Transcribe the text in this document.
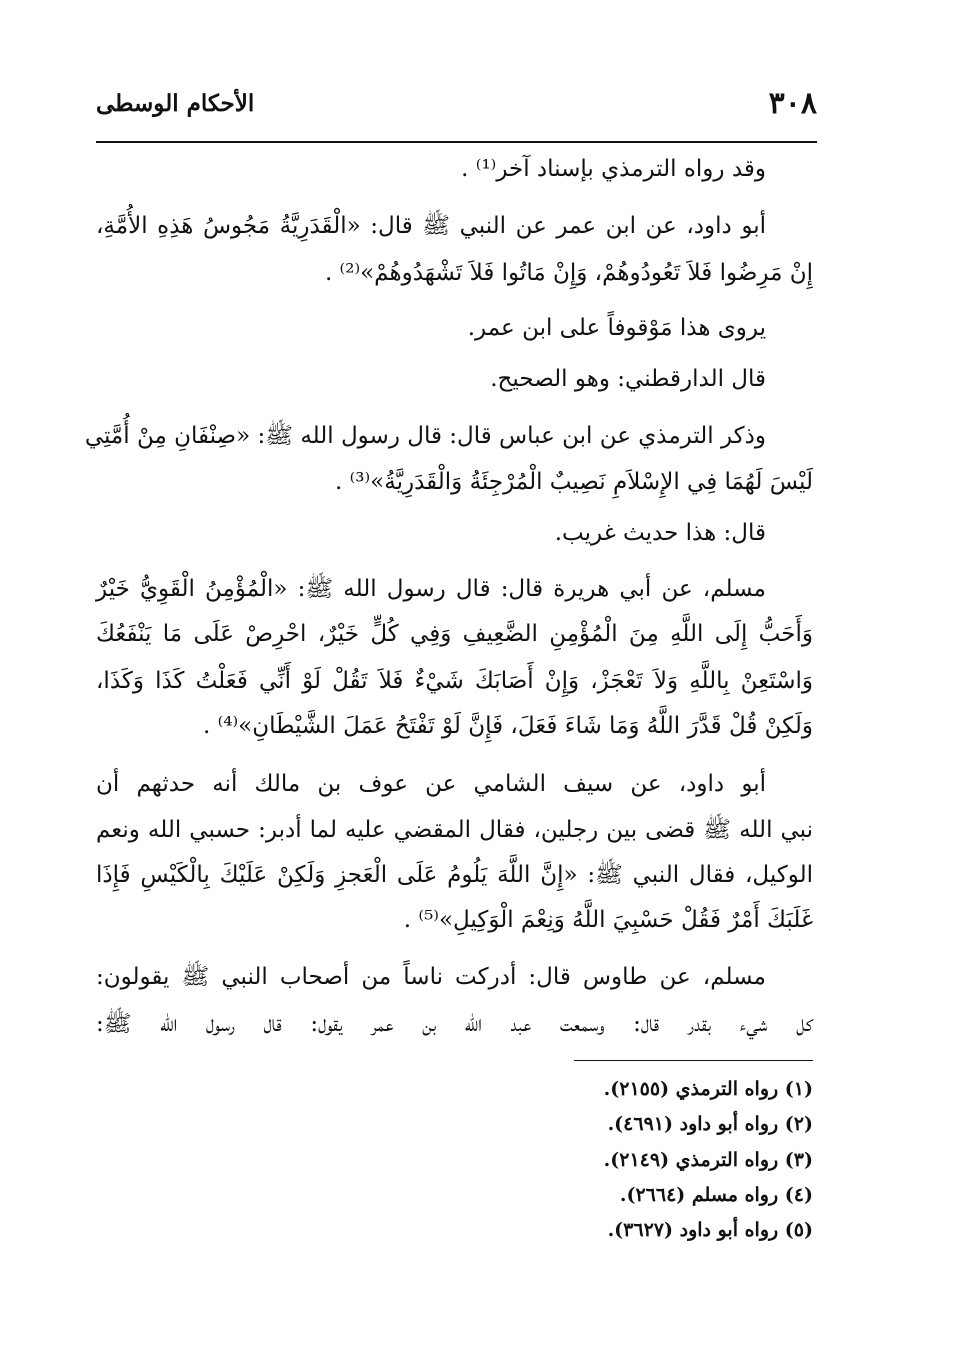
٣٠٨
الأحكام الوسطى
وقد رواه الترمذي بإسناد آخر⁽¹⁾ .
أبو داود، عن ابن عمر عن النبي ﷺ قال: «الْقَدَرِيَّةُ مَجُوسُ هَذِهِ الأُمَّةِ،
إِنْ مَرِضُوا فَلاَ تَعُودُوهُمْ، وَإِنْ مَاتُوا فَلاَ تَشْهَدُوهُمْ»⁽²⁾ .
يروى هذا مَوْقوفاً على ابن عمر.
قال الدارقطني: وهو الصحيح.
وذكر الترمذي عن ابن عباس قال: قال رسول الله ﷺ: «صِنْفَانِ مِنْ أُمَّتِي
لَيْسَ لَهُمَا فِي الإِسْلاَمِ نَصِيبٌ الْمُرْجِئَةُ وَالْقَدَرِيَّةُ»⁽³⁾ .
قال: هذا حديث غريب.
مسلم، عن أبي هريرة قال: قال رسول الله ﷺ: «الْمُؤْمِنُ الْقَوِيُّ خَيْرٌ
وَأَحَبُّ إِلَى اللَّهِ مِنَ الْمُؤْمِنِ الضَّعِيفِ وَفِي كُلٍّ خَيْرٌ، احْرِصْ عَلَى مَا يَنْفَعُكَ
وَاسْتَعِنْ بِاللَّهِ وَلاَ تَعْجَزْ، وَإِنْ أَصَابَكَ شَيْءٌ فَلاَ تَقُلْ لَوْ أَنِّي فَعَلْتُ كَذَا وَكَذَا،
وَلَكِنْ قُلْ قَدَّرَ اللَّهُ وَمَا شَاءَ فَعَلَ، فَإِنَّ لَوْ تَفْتَحُ عَمَلَ الشَّيْطَانِ»⁽⁴⁾ .
أبو داود، عن سيف الشامي عن عوف بن مالك أنه حدثهم أن
نبي الله ﷺ قضى بين رجلين، فقال المقضي عليه لما أدبر: حسبي الله ونعم
الوكيل، فقال النبي ﷺ: «إِنَّ اللَّهَ يَلُومُ عَلَى الْعَجزِ وَلَكِنْ عَلَيْكَ بِالْكَيْسِ فَإِذَا
غَلَبَكَ أَمْرٌ فَقُلْ حَسْبِيَ اللَّهُ وَنِعْمَ الْوَكِيلِ»⁽⁵⁾ .
مسلم، عن طاوس قال: أدركت ناساً من أصحاب النبي ﷺ يقولون:
كل شيء بقدر قال: وسمعت عبد الله بن عمر يقول: قال رسول الله ﷺ:
(١) رواه الترمذي (٢١٥٥).
(٢) رواه أبو داود (٤٦٩١).
(٣) رواه الترمذي (٢١٤٩).
(٤) رواه مسلم (٢٦٦٤).
(٥) رواه أبو داود (٣٦٢٧).
